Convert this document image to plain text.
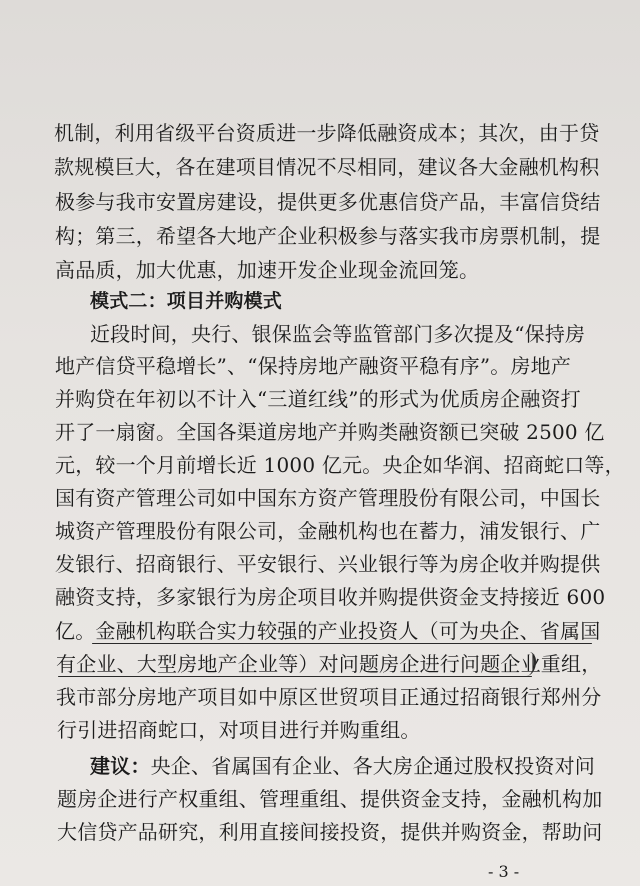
机制，利用省级平台资质进一步降低融资成本；其次，由于贷
款规模巨大，各在建项目情况不尽相同，建议各大金融机构积
极参与我市安置房建设，提供更多优惠信贷产品，丰富信贷结
构；第三，希望各大地产企业积极参与落实我市房票机制，提
高品质，加大优惠，加速开发企业现金流回笼。
模式二：项目并购模式
近段时间，央行、银保监会等监管部门多次提及“保持房
地产信贷平稳增长”、“保持房地产融资平稳有序”。房地产
并购贷在年初以不计入“三道红线”的形式为优质房企融资打
开了一扇窗。全国各渠道房地产并购类融资额已突破 2500 亿
元，较一个月前增长近 1000 亿元。央企如华润、招商蛇口等，
国有资产管理公司如中国东方资产管理股份有限公司，中国长
城资产管理股份有限公司，金融机构也在蓄力，浦发银行、广
发银行、招商银行、平安银行、兴业银行等为房企收并购提供
融资支持，多家银行为房企项目收并购提供资金支持接近 600
亿。金融机构联合实力较强的产业投资人（可为央企、省属国
有企业、大型房地产企业等）对问题房企进行问题企业重组，
我市部分房地产项目如中原区世贸项目正通过招商银行郑州分
行引进招商蛇口，对项目进行并购重组。
建议：央企、省属国有企业、各大房企通过股权投资对问
题房企进行产权重组、管理重组、提供资金支持，金融机构加
大信贷产品研究，利用直接间接投资，提供并购资金，帮助问
- 3 -
